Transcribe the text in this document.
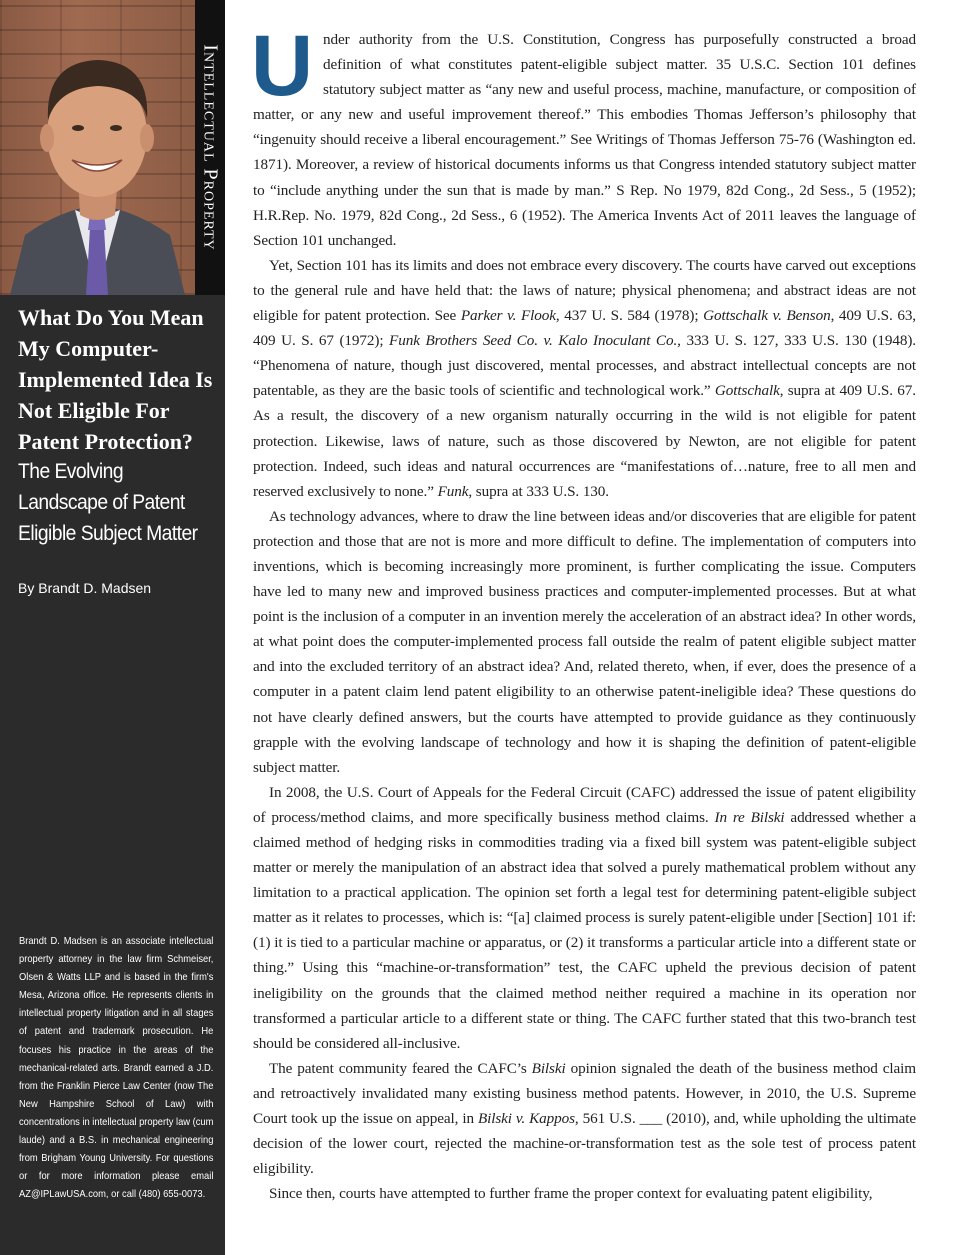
Intellectual Property
What Do You Mean My Computer-Implemented Idea Is Not Eligible For Patent Protection?
The Evolving Landscape of Patent Eligible Subject Matter
By Brandt D. Madsen
Brandt D. Madsen is an associate intellectual property attorney in the law firm Schmeiser, Olsen & Watts LLP and is based in the firm's Mesa, Arizona office. He represents clients in intellectual property litigation and in all stages of patent and trademark prosecution. He focuses his practice in the areas of the mechanical-related arts. Brandt earned a J.D. from the Franklin Pierce Law Center (now The New Hampshire School of Law) with concentrations in intellectual property law (cum laude) and a B.S. in mechanical engineering from Brigham Young University. For questions or for more information please email AZ@IPLawUSA.com, or call (480) 655-0073.

Under authority from the U.S. Constitution, Congress has purposefully constructed a broad definition of what constitutes patent-eligible subject matter. 35 U.S.C. Section 101 defines statutory subject matter as “any new and useful process, machine, manufacture, or composition of matter, or any new and useful improvement thereof.” This embodies Thomas Jefferson’s philosophy that “ingenuity should receive a liberal encouragement.” See Writings of Thomas Jefferson 75-76 (Washington ed. 1871). Moreover, a review of historical documents informs us that Congress intended statutory subject matter to “include anything under the sun that is made by man.” S Rep. No 1979, 82d Cong., 2d Sess., 5 (1952); H.R.Rep. No. 1979, 82d Cong., 2d Sess., 6 (1952). The America Invents Act of 2011 leaves the language of Section 101 unchanged.

Yet, Section 101 has its limits and does not embrace every discovery. The courts have carved out exceptions to the general rule and have held that: the laws of nature; physical phenomena; and abstract ideas are not eligible for patent protection. See Parker v. Flook, 437 U. S. 584 (1978); Gottschalk v. Benson, 409 U.S. 63, 409 U. S. 67 (1972); Funk Brothers Seed Co. v. Kalo Inoculant Co., 333 U. S. 127, 333 U.S. 130 (1948). “Phenomena of nature, though just discovered, mental processes, and abstract intellectual concepts are not patentable, as they are the basic tools of scientific and technological work.” Gottschalk, supra at 409 U.S. 67. As a result, the discovery of a new organism naturally occurring in the wild is not eligible for patent protection. Likewise, laws of nature, such as those discovered by Newton, are not eligible for patent protection. Indeed, such ideas and natural occurrences are “manifestations of…nature, free to all men and reserved exclusively to none.” Funk, supra at 333 U.S. 130.

As technology advances, where to draw the line between ideas and/or discoveries that are eligible for patent protection and those that are not is more and more difficult to define. The implementation of computers into inventions, which is becoming increasingly more prominent, is further complicating the issue. Computers have led to many new and improved business practices and computer-implemented processes. But at what point is the inclusion of a computer in an invention merely the acceleration of an abstract idea? In other words, at what point does the computer-implemented process fall outside the realm of patent eligible subject matter and into the excluded territory of an abstract idea? And, related thereto, when, if ever, does the presence of a computer in a patent claim lend patent eligibility to an otherwise patent-ineligible idea? These questions do not have clearly defined answers, but the courts have attempted to provide guidance as they continuously grapple with the evolving landscape of technology and how it is shaping the definition of patent-eligible subject matter.

In 2008, the U.S. Court of Appeals for the Federal Circuit (CAFC) addressed the issue of patent eligibility of process/method claims, and more specifically business method claims. In re Bilski addressed whether a claimed method of hedging risks in commodities trading via a fixed bill system was patent-eligible subject matter or merely the manipulation of an abstract idea that solved a purely mathematical problem without any limitation to a practical application. The opinion set forth a legal test for determining patent-eligible subject matter as it relates to processes, which is: “[a] claimed process is surely patent-eligible under [Section] 101 if: (1) it is tied to a particular machine or apparatus, or (2) it transforms a particular article into a different state or thing.” Using this “machine-or-transformation” test, the CAFC upheld the previous decision of patent ineligibility on the grounds that the claimed method neither required a machine in its operation nor transformed a particular article to a different state or thing. The CAFC further stated that this two-branch test should be considered all-inclusive.

The patent community feared the CAFC’s Bilski opinion signaled the death of the business method claim and retroactively invalidated many existing business method patents. However, in 2010, the U.S. Supreme Court took up the issue on appeal, in Bilski v. Kappos, 561 U.S. ___ (2010), and, while upholding the ultimate decision of the lower court, rejected the machine-or-transformation test as the sole test of process patent eligibility.

Since then, courts have attempted to further frame the proper context for evaluating patent eligibility,
